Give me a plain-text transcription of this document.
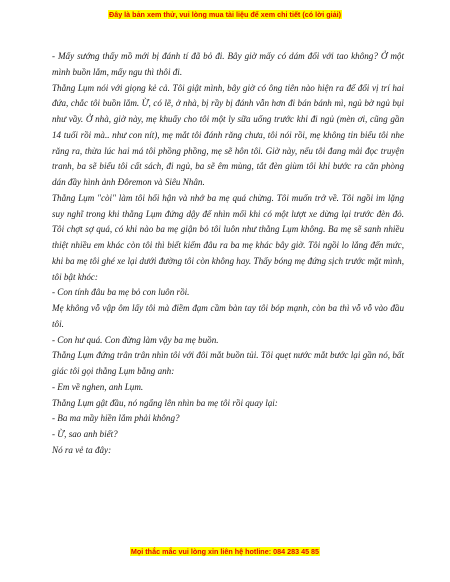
Đây là bản xem thử, vui lòng mua tài liệu để xem chi tiết (có lời giải)

- Mấy sướng thấy mồ mới bị đánh tí đã bỏ đi. Bây giờ mấy có dám đối với tao không? Ở một mình buồn lắm, mấy ngu thì thôi đi.

Thằng Lụm nói với giọng kẻ cả. Tôi giật mình, bây giờ có ông tiên nào hiện ra để đổi vị trí hai đứa, chắc tôi buồn lắm. Ừ, có lẽ, ở nhà, bị rầy bị đánh vẫn hơn đi bán bánh mì, ngủ bờ ngủ bụi như vầy. Ở nhà, giờ này, mẹ khuấy cho tôi một ly sữa uống trước khi đi ngủ (mèn ơi, cũng gần 14 tuổi rồi mà.. như con nít), mẹ mắt tôi đánh răng chưa, tôi nói rồi, mẹ không tin biểu tôi nhe răng ra, thừa lúc hai má tôi phồng phồng, mẹ sẽ hôn tôi. Giờ này, nếu tôi đang mải đọc truyện tranh, ba sẽ biểu tôi cất sách, đi ngủ, ba sẽ êm mùng, tắt đèn giùm tôi khi bước ra căn phòng dán đầy hình ảnh Đôremon và Siêu Nhân.

Thằng Lụm "còi" làm tôi hối hận và nhớ ba mẹ quá chừng. Tôi muốn trở về. Tôi ngồi im lặng suy nghĩ trong khi thằng Lụm đứng dậy để nhìn mối khi có một lượt xe dừng lại trước đèn đỏ. Tôi chợt sợ quá, có khi nào ba mẹ giận bỏ tôi luôn như thằng Lụm không. Ba mẹ sẽ sanh nhiều thiệt nhiều em khác còn tôi thì biết kiếm đâu ra ba mẹ khác bây giờ. Tôi ngồi lo lắng đến mức, khi ba mẹ tôi ghé xe lại dưới đường tôi còn không hay. Thấy bóng mẹ đứng sịch trước mặt mình, tôi bật khóc:

- Con tính đâu ba mẹ bỏ con luôn rồi.

Mẹ không vỗ vập ôm lấy tôi mà điềm đạm cầm bàn tay tôi bóp mạnh, còn ba thì vỗ vỗ vào đầu tôi.

- Con hư quá. Con đừng làm vậy ba mẹ buồn.

Thằng Lụm đứng trân trân nhìn tôi với đôi mắt buồn tủi. Tôi quẹt nước mắt bước lại gần nó, bất giác tôi gọi thằng Lụm bằng anh:

- Em về nghen, anh Lụm.

Thằng Lụm gật đầu, nó ngẩng lên nhìn ba mẹ tôi rồi quay lại:

- Ba ma mầy hiền lắm phải không?

- Ừ, sao anh biết?

Nó ra vẻ ta đây:

Mọi thắc mắc vui lòng xin liên hệ hotline: 084 283 45 85
